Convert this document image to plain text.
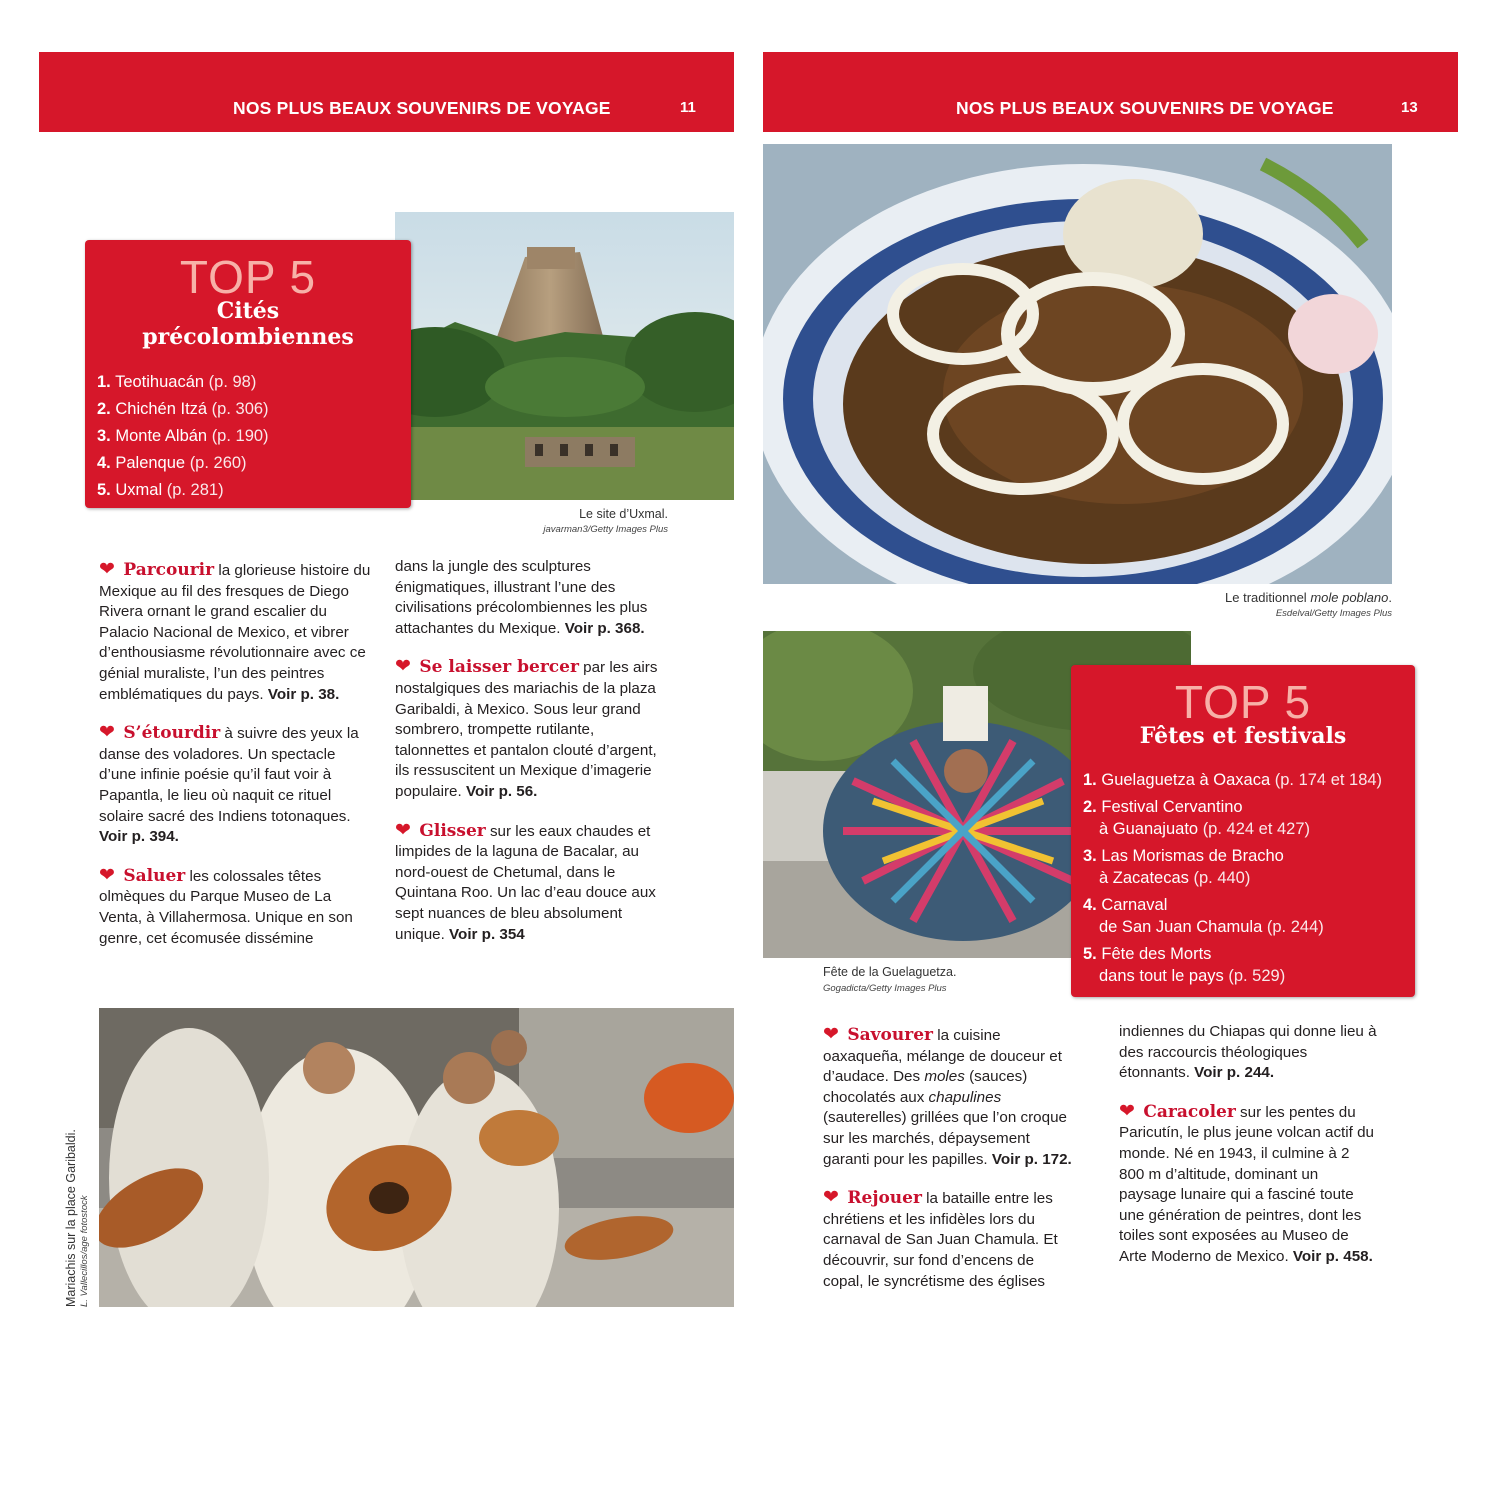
NOS PLUS BEAUX SOUVENIRS DE VOYAGE	11
Le site d’Uxmal.
javarman3/Getty Images Plus
TOP 5
Cités
précolombiennes
1. Teotihuacán (p. 98)
2. Chichén Itzá (p. 306)
3. Monte Albán (p. 190)
4. Palenque (p. 260)
5. Uxmal (p. 281)

❤ Parcourir la glorieuse histoire du Mexique au fil des fresques de Diego Rivera ornant le grand escalier du Palacio Nacional de Mexico, et vibrer d’enthousiasme révolutionnaire avec ce génial muraliste, l’un des peintres emblématiques du pays. Voir p. 38.

❤ S’étourdir à suivre des yeux la danse des voladores. Un spectacle d’une infinie poésie qu’il faut voir à Papantla, le lieu où naquit ce rituel solaire sacré des Indiens totonaques. Voir p. 394.

❤ Saluer les colossales têtes olmèques du Parque Museo de La Venta, à Villahermosa. Unique en son genre, cet écomusée dissémine

dans la jungle des sculptures énigmatiques, illustrant l’une des civilisations précolombiennes les plus attachantes du Mexique. Voir p. 368.

❤ Se laisser bercer par les airs nostalgiques des mariachis de la plaza Garibaldi, à Mexico. Sous leur grand sombrero, trompette rutilante, talonnettes et pantalon clouté d’argent, ils ressuscitent un Mexique d’imagerie populaire. Voir p. 56.

❤ Glisser sur les eaux chaudes et limpides de la laguna de Bacalar, au nord-ouest de Chetumal, dans le Quintana Roo. Un lac d’eau douce aux sept nuances de bleu absolument unique. Voir p. 354

Mariachis sur la place Garibaldi. L. Vallecillos/age fotostock
NOS PLUS BEAUX SOUVENIRS DE VOYAGE	13
Le traditionnel mole poblano.
Esdelval/Getty Images Plus
Fête de la Guelaguetza.
Gogadicta/Getty Images Plus
TOP 5
Fêtes et festivals
1. Guelaguetza à Oaxaca (p. 174 et 184)
2. Festival Cervantino
à Guanajuato (p. 424 et 427)
3. Las Morismas de Bracho
à Zacatecas (p. 440)
4. Carnaval
de San Juan Chamula (p. 244)
5. Fête des Morts
dans tout le pays (p. 529)

❤ Savourer la cuisine oaxaqueña, mélange de douceur et d’audace. Des moles (sauces) chocolatés aux chapulines (sauterelles) grillées que l’on croque sur les marchés, dépaysement garanti pour les papilles. Voir p. 172.

❤ Rejouer la bataille entre les chrétiens et les infidèles lors du carnaval de San Juan Chamula. Et découvrir, sur fond d’encens de copal, le syncrétisme des églises

indiennes du Chiapas qui donne lieu à des raccourcis théologiques étonnants. Voir p. 244.

❤ Caracoler sur les pentes du Paricutín, le plus jeune volcan actif du monde. Né en 1943, il culmine à 2 800 m d’altitude, dominant un paysage lunaire qui a fasciné toute une génération de peintres, dont les toiles sont exposées au Museo de Arte Moderno de Mexico. Voir p. 458.
